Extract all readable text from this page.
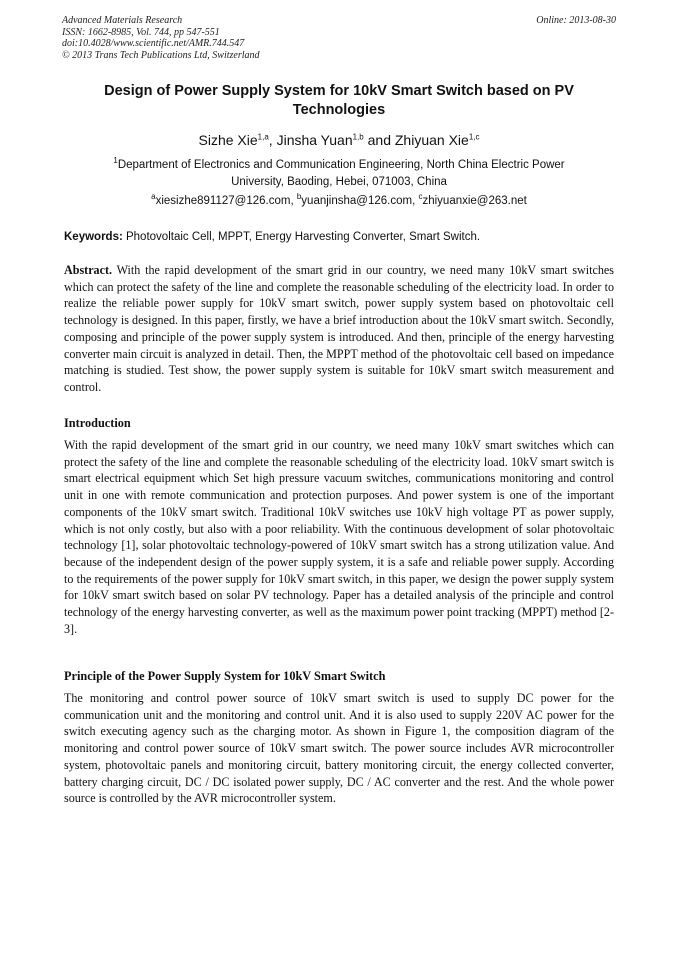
Advanced Materials Research
ISSN: 1662-8985, Vol. 744, pp 547-551
doi:10.4028/www.scientific.net/AMR.744.547
© 2013 Trans Tech Publications Ltd, Switzerland
Online: 2013-08-30
Design of Power Supply System for 10kV Smart Switch based on PV Technologies
Sizhe Xie$^{1,a}$, Jinsha Yuan$^{1,b}$ and Zhiyuan Xie$^{1,c}$
$^1$Department of Electronics and Communication Engineering, North China Electric Power
University, Baoding, Hebei, 071003, China
$^a$xiesizhe891127@126.com, $^b$yuanjinsha@126.com, $^c$zhiyuanxie@263.net
Keywords: Photovoltaic Cell, MPPT, Energy Harvesting Converter, Smart Switch.

Abstract. With the rapid development of the smart grid in our country, we need many 10kV smart switches which can protect the safety of the line and complete the reasonable scheduling of the electricity load. In order to realize the reliable power supply for 10kV smart switch, power supply system based on photovoltaic cell technology is designed. In this paper, firstly, we have a brief introduction about the 10kV smart switch. Secondly, composing and principle of the power supply system is introduced. And then, principle of the energy harvesting converter main circuit is analyzed in detail. Then, the MPPT method of the photovoltaic cell based on impedance matching is studied. Test show, the power supply system is suitable for 10kV smart switch measurement and control.

Introduction

With the rapid development of the smart grid in our country, we need many 10kV smart switches which can protect the safety of the line and complete the reasonable scheduling of the electricity load. 10kV smart switch is smart electrical equipment which Set high pressure vacuum switches, communications monitoring and control unit in one with remote communication and protection purposes. And power system is one of the important components of the 10kV smart switch. Traditional 10kV switches use 10kV high voltage PT as power supply, which is not only costly, but also with a poor reliability. With the continuous development of solar photovoltaic technology [1], solar photovoltaic technology-powered of 10kV smart switch has a strong utilization value. And because of the independent design of the power supply system, it is a safe and reliable power supply. According to the requirements of the power supply for 10kV smart switch, in this paper, we design the power supply system for 10kV smart switch based on solar PV technology. Paper has a detailed analysis of the principle and control technology of the energy harvesting converter, as well as the maximum power point tracking (MPPT) method [2-3].

Principle of the Power Supply System for 10kV Smart Switch

The monitoring and control power source of 10kV smart switch is used to supply DC power for the communication unit and the monitoring and control unit. And it is also used to supply 220V AC power for the switch executing agency such as the charging motor. As shown in Figure 1, the composition diagram of the monitoring and control power source of 10kV smart switch. The power source includes AVR microcontroller system, photovoltaic panels and monitoring circuit, battery monitoring circuit, the energy collected converter, battery charging circuit, DC / DC isolated power supply, DC / AC converter and the rest. And the whole power source is controlled by the AVR microcontroller system.
